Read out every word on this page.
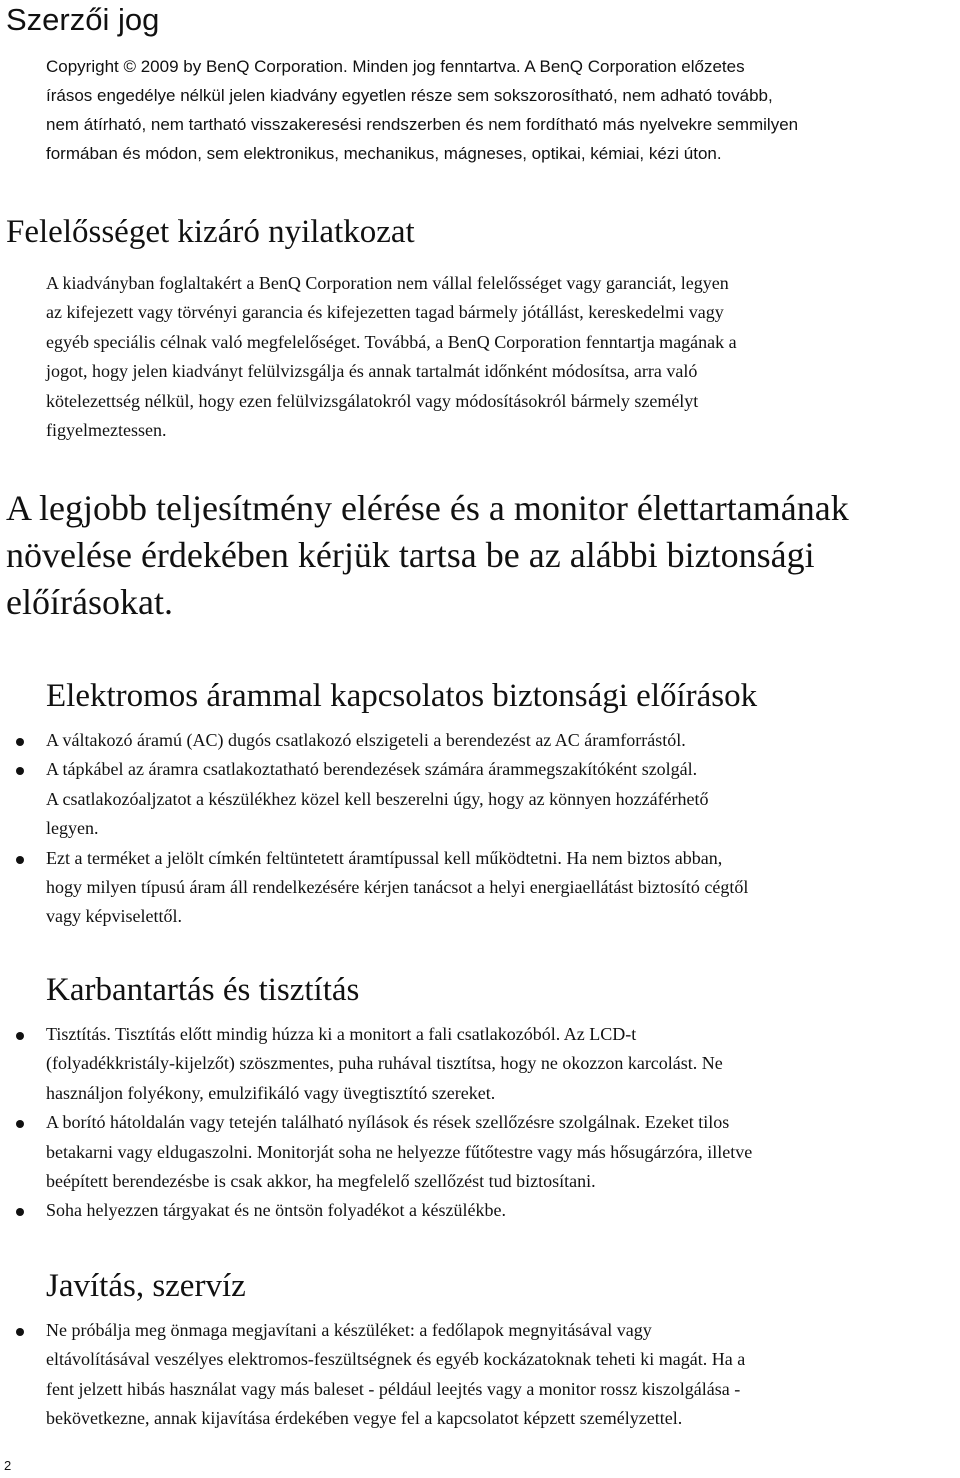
Szerzői jog
Copyright © 2009 by BenQ Corporation. Minden jog fenntartva. A BenQ Corporation előzetes
írásos engedélye nélkül jelen kiadvány egyetlen része sem sokszorosítható, nem adható tovább,
nem átírható, nem tartható visszakeresési rendszerben és nem fordítható más nyelvekre semmilyen
formában és módon, sem elektronikus, mechanikus, mágneses, optikai, kémiai, kézi úton.
Felelősséget kizáró nyilatkozat
A kiadványban foglaltakért a BenQ Corporation nem vállal felelősséget vagy garanciát, legyen
az kifejezett vagy törvényi garancia és kifejezetten tagad bármely jótállást, kereskedelmi vagy
egyéb speciális célnak való megfelelőséget. Továbbá, a BenQ Corporation fenntartja magának a
jogot, hogy jelen kiadványt felülvizsgálja és annak tartalmát időnként módosítsa, arra való
kötelezettség nélkül, hogy ezen felülvizsgálatokról vagy módosításokról bármely személyt
figyelmeztessen.
A legjobb teljesítmény elérése és a monitor élettartamának
növelése érdekében kérjük tartsa be az alábbi biztonsági
előírásokat.
Elektromos árammal kapcsolatos biztonsági előírások
A váltakozó áramú (AC) dugós csatlakozó elszigeteli a berendezést az AC áramforrástól.
A tápkábel az áramra csatlakoztatható berendezések számára árammegszakítóként szolgál.
A csatlakozóaljzatot a készülékhez közel kell beszerelni úgy, hogy az könnyen hozzáférhető
legyen.
Ezt a terméket a jelölt címkén feltüntetett áramtípussal kell működtetni. Ha nem biztos abban,
hogy milyen típusú áram áll rendelkezésére kérjen tanácsot a helyi energiaellátást biztosító cégtől
vagy képviselettől.
Karbantartás és tisztítás
Tisztítás. Tisztítás előtt mindig húzza ki a monitort a fali csatlakozóból. Az LCD-t
(folyadékkristály-kijelzőt) szöszmentes, puha ruhával tisztítsa, hogy ne okozzon karcolást. Ne
használjon folyékony, emulzifikáló vagy üvegtisztító szereket.
A borító hátoldalán vagy tetején található nyílások és rések szellőzésre szolgálnak. Ezeket tilos
betakarni vagy eldugaszolni. Monitorját soha ne helyezze fűtőtestre vagy más hősugárzóra, illetve
beépített berendezésbe is csak akkor, ha megfelelő szellőzést tud biztosítani.
Soha helyezzen tárgyakat és ne öntsön folyadékot a készülékbe.
Javítás, szervíz
Ne próbálja meg önmaga megjavítani a készüléket: a fedőlapok megnyitásával vagy
eltávolításával veszélyes elektromos-feszültségnek és egyéb kockázatoknak teheti ki magát. Ha a
fent jelzett hibás használat vagy más baleset - például leejtés vagy a monitor rossz kiszolgálása -
bekövetkezne, annak kijavítása érdekében vegye fel a kapcsolatot képzett személyzettel.
2
